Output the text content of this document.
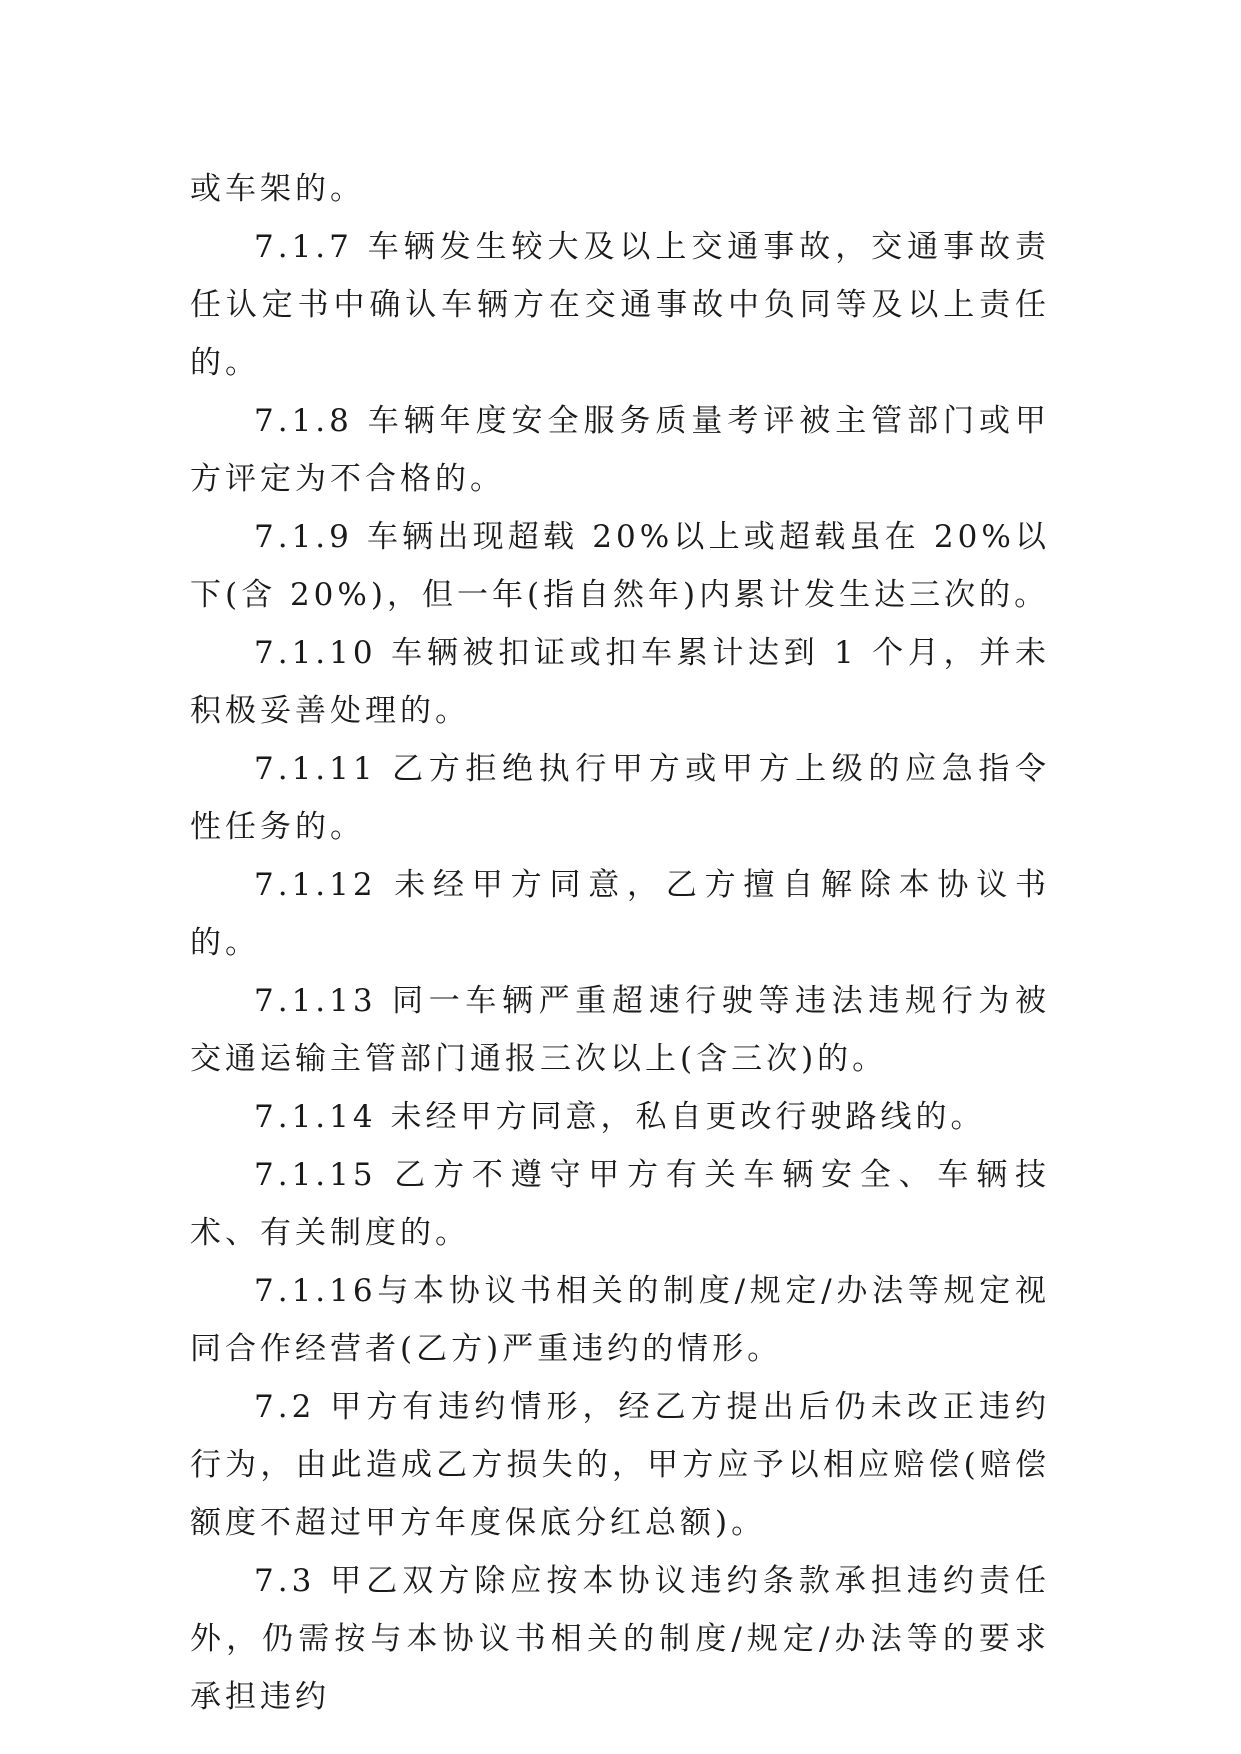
或车架的。

7.1.7 车辆发生较大及以上交通事故，交通事故责任认定书中确认车辆方在交通事故中负同等及以上责任的。

7.1.8 车辆年度安全服务质量考评被主管部门或甲方评定为不合格的。

7.1.9 车辆出现超载 20%以上或超载虽在 20%以下(含 20%)，但一年(指自然年)内累计发生达三次的。

7.1.10 车辆被扣证或扣车累计达到 1 个月，并未积极妥善处理的。

7.1.11 乙方拒绝执行甲方或甲方上级的应急指令性任务的。

7.1.12 未经甲方同意，乙方擅自解除本协议书的。

7.1.13 同一车辆严重超速行驶等违法违规行为被交通运输主管部门通报三次以上(含三次)的。

7.1.14 未经甲方同意，私自更改行驶路线的。

7.1.15 乙方不遵守甲方有关车辆安全、车辆技术、有关制度的。

7.1.16与本协议书相关的制度/规定/办法等规定视同合作经营者(乙方)严重违约的情形。

7.2 甲方有违约情形，经乙方提出后仍未改正违约行为，由此造成乙方损失的，甲方应予以相应赔偿(赔偿额度不超过甲方年度保底分红总额)。

7.3 甲乙双方除应按本协议违约条款承担违约责任外，仍需按与本协议书相关的制度/规定/办法等的要求承担违约
